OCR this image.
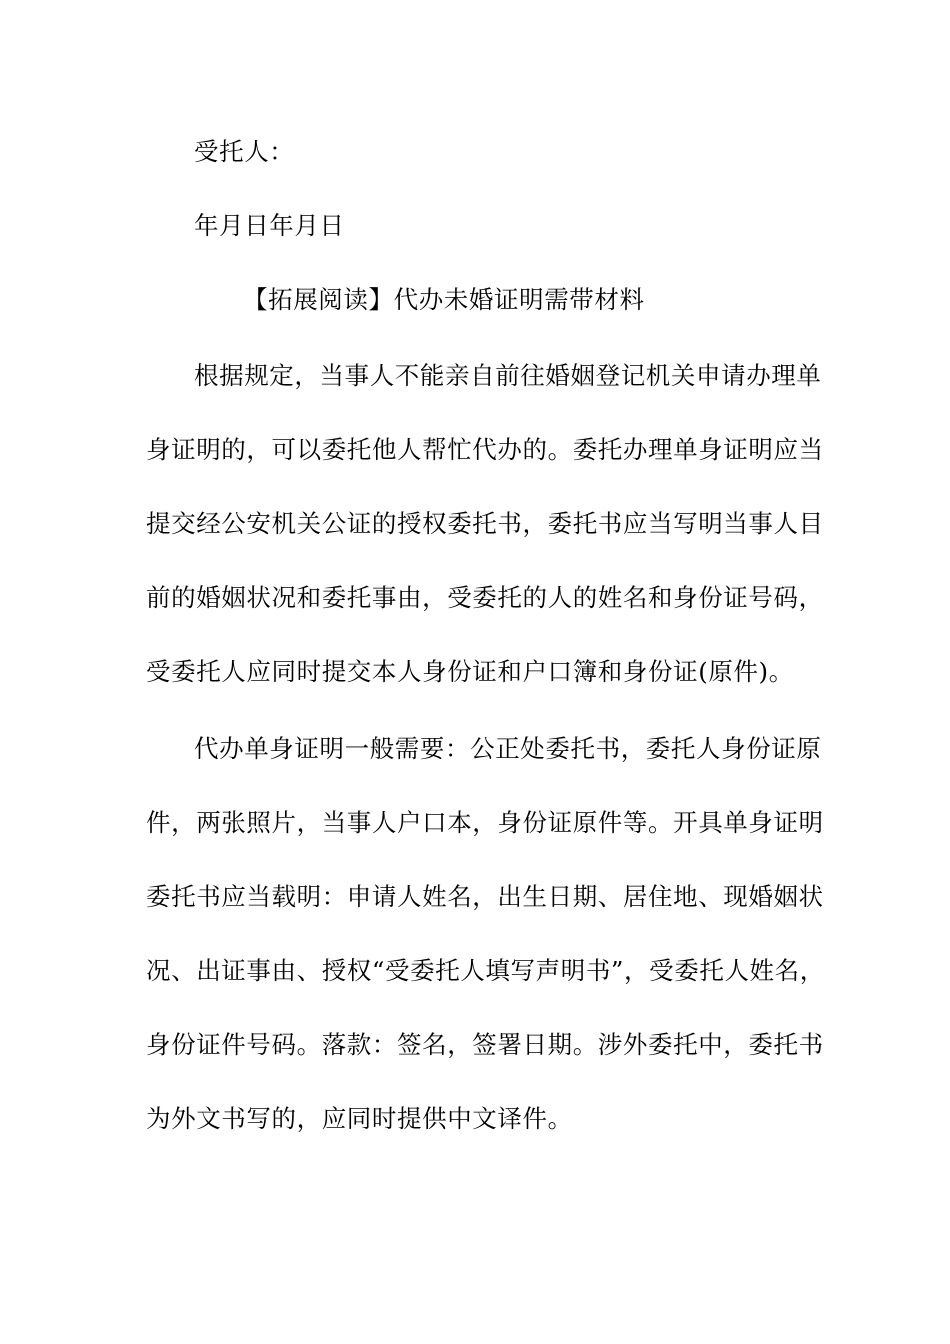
受托人：
年月日年月日
【拓展阅读】代办未婚证明需带材料
根据规定，当事人不能亲自前往婚姻登记机关申请办理单
身证明的，可以委托他人帮忙代办的。委托办理单身证明应当
提交经公安机关公证的授权委托书，委托书应当写明当事人目
前的婚姻状况和委托事由，受委托的人的姓名和身份证号码，
受委托人应同时提交本人身份证和户口簿和身份证(原件)。
代办单身证明一般需要：公正处委托书，委托人身份证原
件，两张照片，当事人户口本，身份证原件等。开具单身证明
委托书应当载明：申请人姓名，出生日期、居住地、现婚姻状
况、出证事由、授权“受委托人填写声明书”，受委托人姓名，
身份证件号码。落款：签名，签署日期。涉外委托中，委托书
为外文书写的，应同时提供中文译件。
